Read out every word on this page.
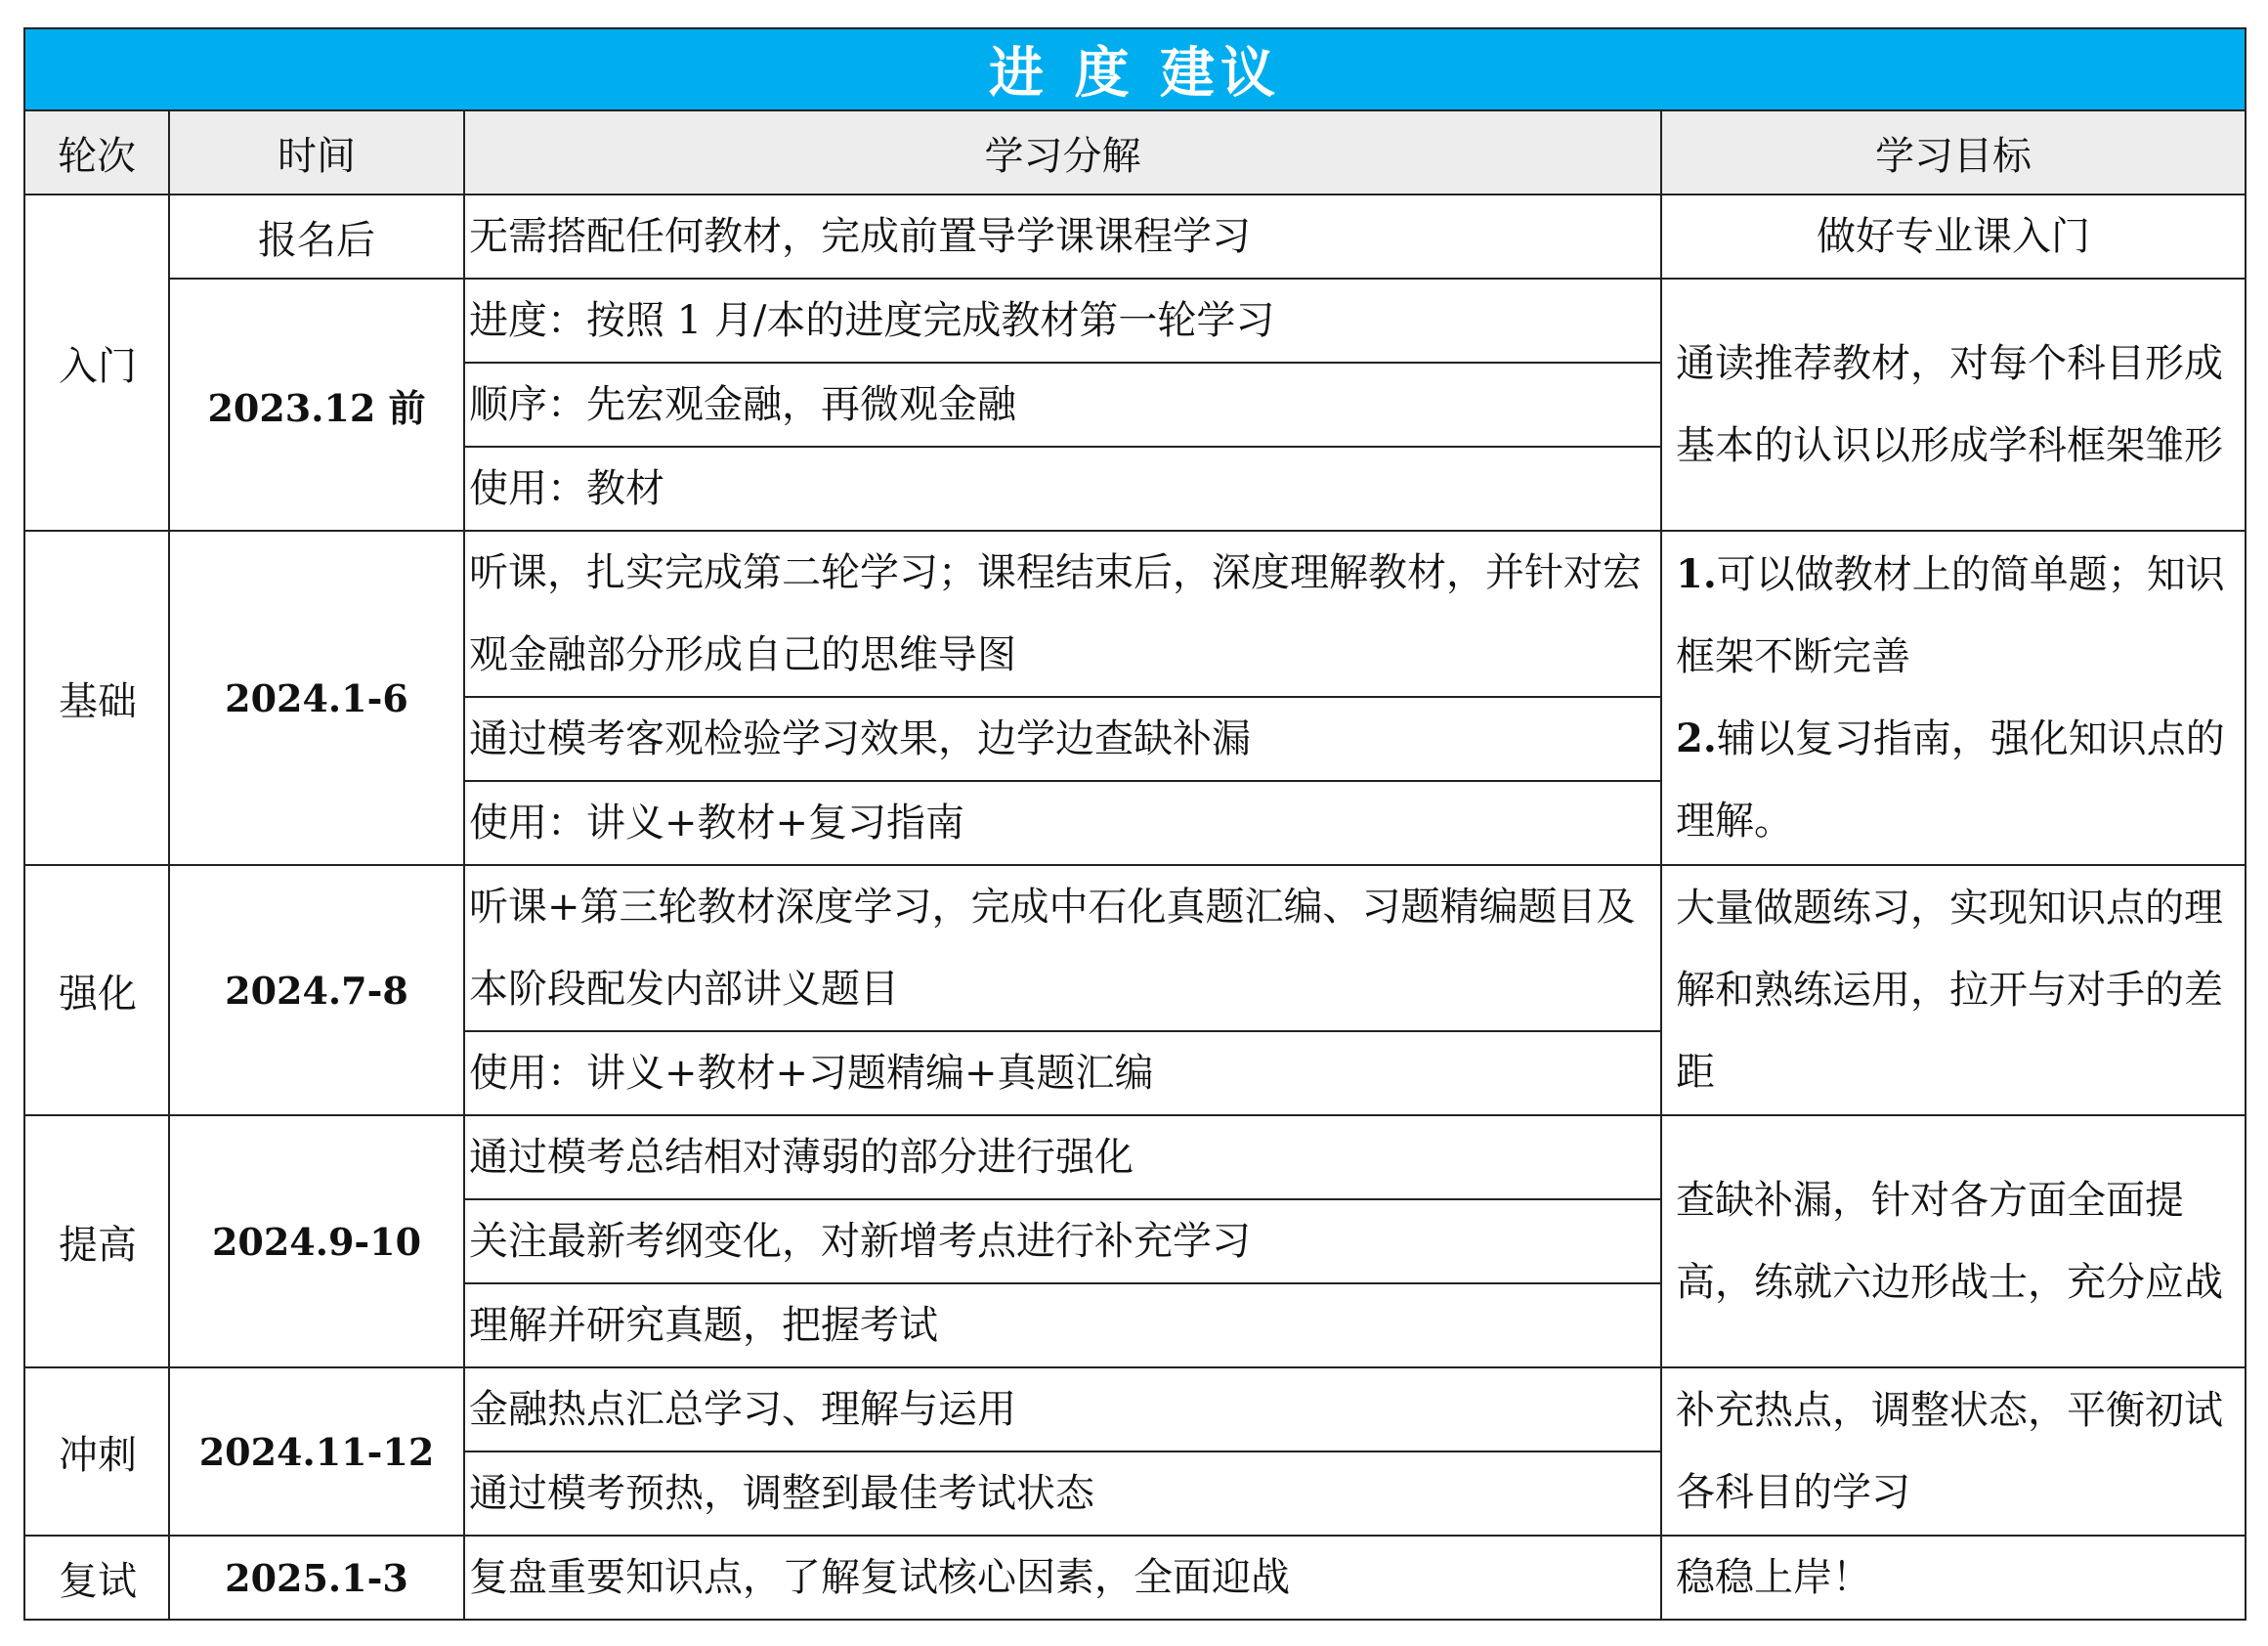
进 度 建议			
轮次	时间	学习分解	学习目标
入门	报名后	无需搭配任何教材，完成前置导学课课程学习	做好专业课入门
	2023.12 前	进度：按照 1 月/本的进度完成教材第一轮学习	通读推荐教材，对每个科目形成基本的认识以形成学科框架雏形
		顺序：先宏观金融，再微观金融	
		使用：教材	
基础	2024.1-6	听课，扎实完成第二轮学习；课程结束后，深度理解教材，并针对宏观金融部分形成自己的思维导图	1.可以做教材上的简单题；知识框架不断完善
2.辅以复习指南，强化知识点的理解。
		通过模考客观检验学习效果，边学边查缺补漏	
		使用：讲义+教材+复习指南	
强化	2024.7-8	听课+第三轮教材深度学习，完成中石化真题汇编、习题精编题目及本阶段配发内部讲义题目	大量做题练习，实现知识点的理解和熟练运用，拉开与对手的差距
		使用：讲义+教材+习题精编+真题汇编	
提高	2024.9-10	通过模考总结相对薄弱的部分进行强化	查缺补漏，针对各方面全面提高，练就六边形战士，充分应战
		关注最新考纲变化，对新增考点进行补充学习	
		理解并研究真题，把握考试	
冲刺	2024.11-12	金融热点汇总学习、理解与运用	补充热点，调整状态，平衡初试各科目的学习
		通过模考预热，调整到最佳考试状态	
复试	2025.1-3	复盘重要知识点，了解复试核心因素，全面迎战	稳稳上岸！
